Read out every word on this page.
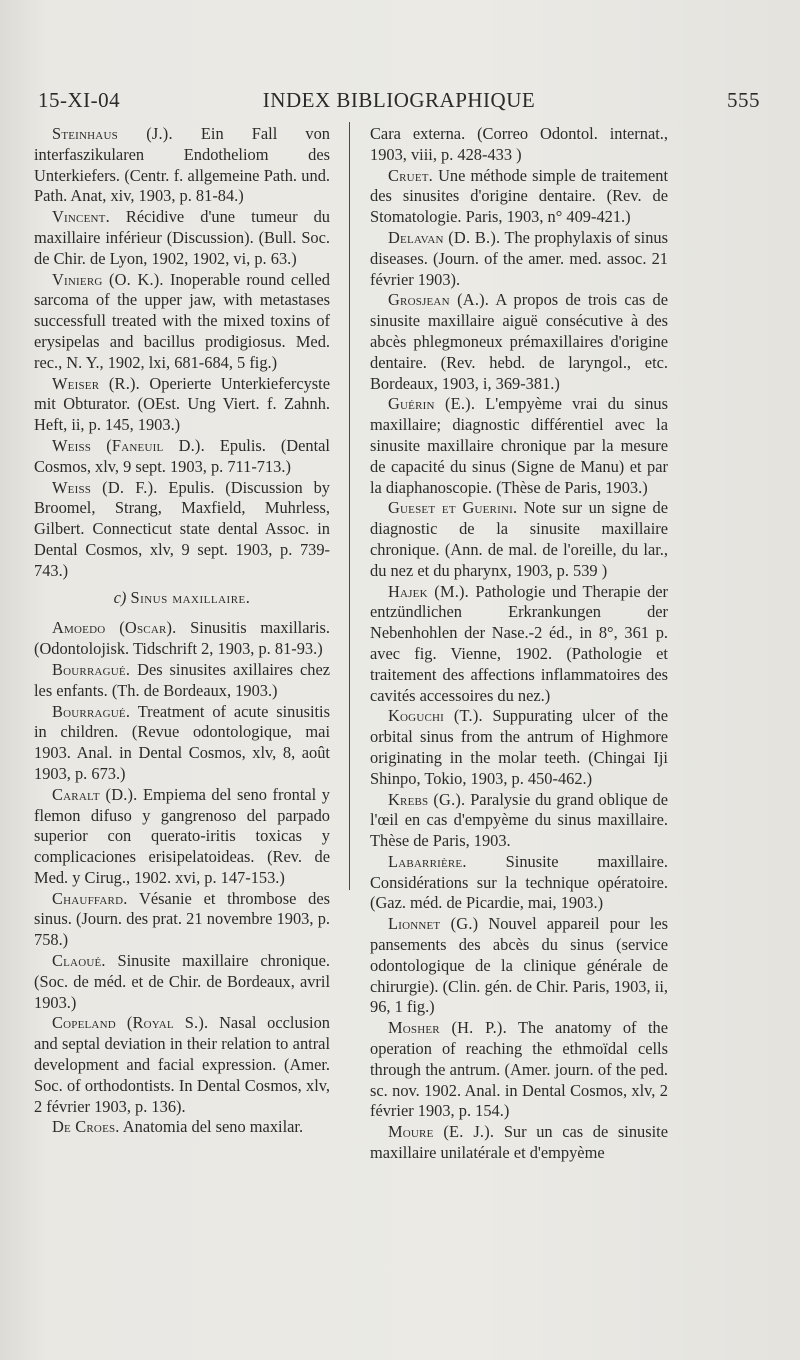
15-XI-04	INDEX BIBLIOGRAPHIQUE	555

Steinhaus (J.). Ein Fall von interfaszikularen Endotheliom des Unterkiefers. (Centr. f. allgemeine Path. und. Path. Anat, xiv, 1903, p. 81-84.)

Vincent. Récidive d'une tumeur du maxillaire inférieur (Discussion). (Bull. Soc. de Chir. de Lyon, 1902, 1902, vi, p. 63.)

Vinierg (O. K.). Inoperable round celled sarcoma of the upper jaw, with metastases successfull treated with the mixed toxins of erysipelas and bacillus prodigiosus. Med. rec., N. Y., 1902, lxi, 681-684, 5 fig.)

Weiser (R.). Operierte Unterkiefercyste mit Obturator. (OEst. Ung Viert. f. Zahnh. Heft, ii, p. 145, 1903.)

Weiss (Faneuil D.). Epulis. (Dental Cosmos, xlv, 9 sept. 1903, p. 711-713.)

Weiss (D. F.). Epulis. (Discussion by Broomel, Strang, Maxfield, Muhrless, Gilbert. Connecticut state dental Assoc. in Dental Cosmos, xlv, 9 sept. 1903, p. 739-743.)

c) Sinus maxillaire.

Amoedo (Oscar). Sinusitis maxillaris. (Odontolojisk. Tidschrift 2, 1903, p. 81-93.)

Bourragué. Des sinusites axillaires chez les enfants. (Th. de Bordeaux, 1903.)

Bourragué. Treatment of acute sinusitis in children. (Revue odontologique, mai 1903. Anal. in Dental Cosmos, xlv, 8, août 1903, p. 673.)

Caralt (D.). Empiema del seno frontal y flemon difuso y gangrenoso del parpado superior con querato-iritis toxicas y complicaciones erisipelatoideas. (Rev. de Med. y Cirug., 1902. xvi, p. 147-153.)

Chauffard. Vésanie et thrombose des sinus. (Journ. des prat. 21 novembre 1903, p. 758.)

Claoué. Sinusite maxillaire chronique. (Soc. de méd. et de Chir. de Bordeaux, avril 1903.)

Copeland (Royal S.). Nasal occlusion and septal deviation in their relation to antral development and facial expression. (Amer. Soc. of orthodontists. In Dental Cosmos, xlv, 2 février 1903, p. 136).

De Croes. Anatomia del seno maxilar.

Cara externa. (Correo Odontol. internat., 1903, viii, p. 428-433 )

Cruet. Une méthode simple de traitement des sinusites d'origine dentaire. (Rev. de Stomatologie. Paris, 1903, n° 409-421.)

Delavan (D. B.). The prophylaxis of sinus diseases. (Journ. of the amer. med. assoc. 21 février 1903).

Grosjean (A.). A propos de trois cas de sinusite maxillaire aiguë consécutive à des abcès phlegmoneux prémaxillaires d'origine dentaire. (Rev. hebd. de laryngol., etc. Bordeaux, 1903, i, 369-381.)

Guérin (E.). L'empyème vrai du sinus maxillaire; diagnostic différentiel avec la sinusite maxillaire chronique par la mesure de capacité du sinus (Signe de Manu) et par la diaphanoscopie. (Thèse de Paris, 1903.)

Gueset et Guerini. Note sur un signe de diagnostic de la sinusite maxillaire chronique. (Ann. de mal. de l'oreille, du lar., du nez et du pharynx, 1903, p. 539 )

Hajek (M.). Pathologie und Therapie der entzündlichen Erkrankungen der Nebenhohlen der Nase.-2 éd., in 8°, 361 p. avec fig. Vienne, 1902. (Pathologie et traitement des affections inflammatoires des cavités accessoires du nez.)

Koguchi (T.). Suppurating ulcer of the orbital sinus from the antrum of Highmore originating in the molar teeth. (Chingai Iji Shinpo, Tokio, 1903, p. 450-462.)

Krebs (G.). Paralysie du grand oblique de l'œil en cas d'empyème du sinus maxillaire. Thèse de Paris, 1903.

Labarrière. Sinusite maxillaire. Considérations sur la technique opératoire. (Gaz. méd. de Picardie, mai, 1903.)

Lionnet (G.) Nouvel appareil pour les pansements des abcès du sinus (service odontologique de la clinique générale de chirurgie). (Clin. gén. de Chir. Paris, 1903, ii, 96, 1 fig.)

Mosher (H. P.). The anatomy of the operation of reaching the ethmoïdal cells through the antrum. (Amer. journ. of the ped. sc. nov. 1902. Anal. in Dental Cosmos, xlv, 2 février 1903, p. 154.)

Moure (E. J.). Sur un cas de sinusite maxillaire unilatérale et d'empyème
